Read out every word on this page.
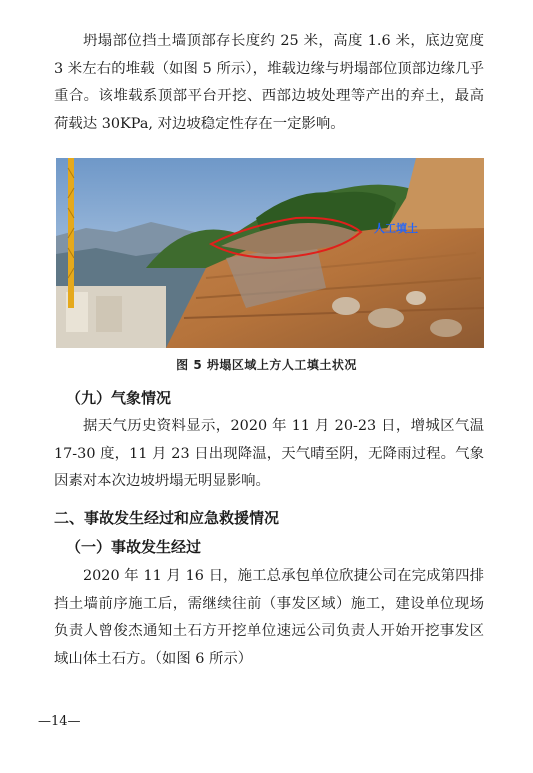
坍塌部位挡土墙顶部存长度约 25 米，高度 1.6 米，底边宽度 3 米左右的堆载（如图 5 所示），堆载边缘与坍塌部位顶部边缘几乎重合。该堆载系顶部平台开挖、西部边坡处理等产出的弃土，最高荷载达 30KPa, 对边坡稳定性存在一定影响。

人工填土
图 5 坍塌区域上方人工填土状况
（九）气象情况

据天气历史资料显示，2020 年 11 月 20-23 日，增城区气温 17-30 度，11 月 23 日出现降温，天气晴至阴，无降雨过程。气象因素对本次边坡坍塌无明显影响。

二、事故发生经过和应急救援情况
（一）事故发生经过

2020 年 11 月 16 日，施工总承包单位欣捷公司在完成第四排挡土墙前序施工后，需继续往前（事发区域）施工，建设单位现场负责人曾俊杰通知土石方开挖单位速远公司负责人开始开挖事发区域山体土石方。（如图 6 所示）

—14—
